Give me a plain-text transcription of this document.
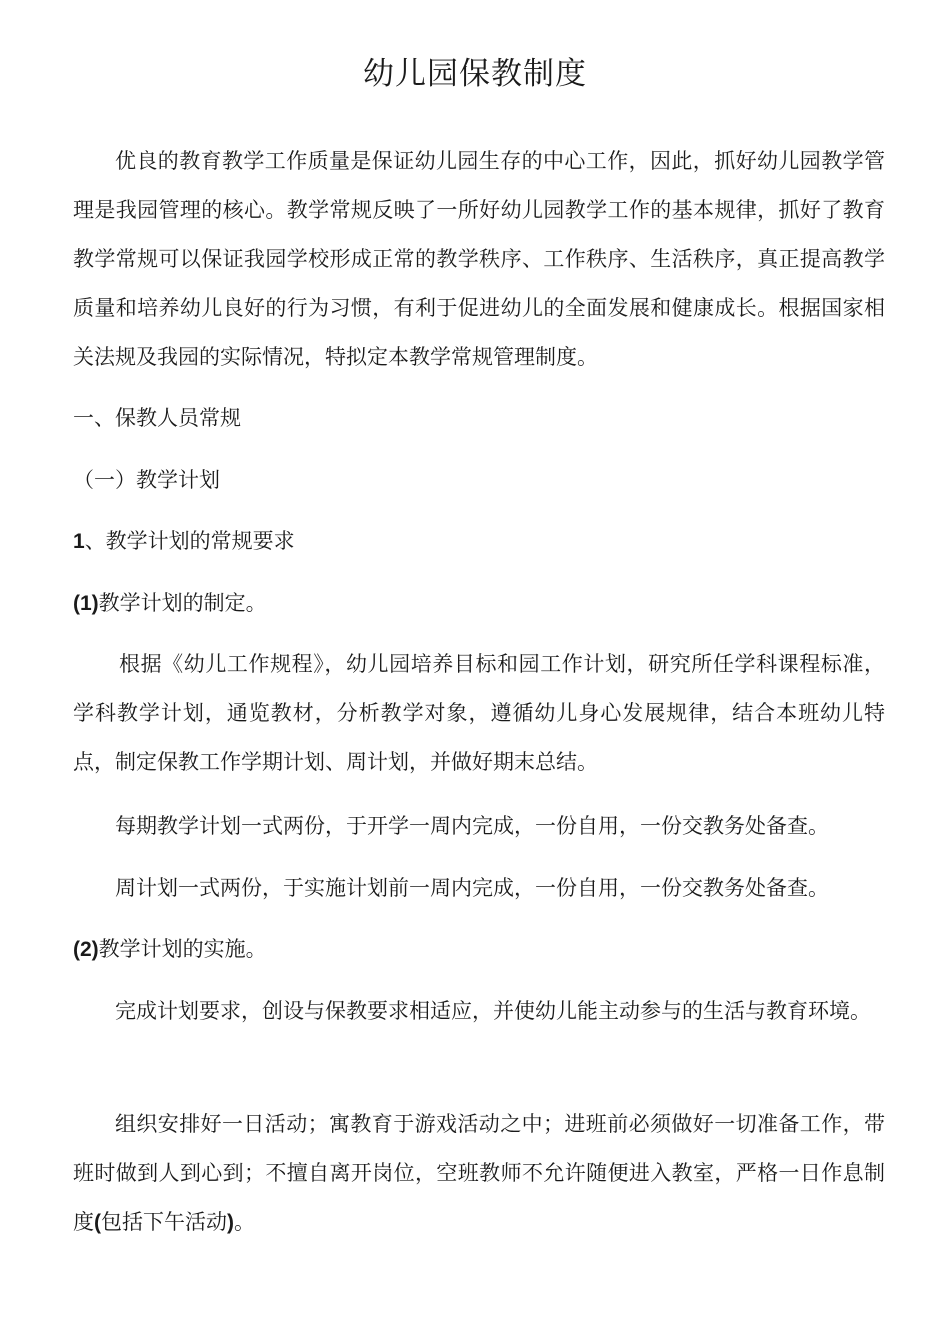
幼儿园保教制度

优良的教育教学工作质量是保证幼儿园生存的中心工作，因此，抓好幼儿园教学管理是我园管理的核心。教学常规反映了一所好幼儿园教学工作的基本规律，抓好了教育教学常规可以保证我园学校形成正常的教学秩序、工作秩序、生活秩序，真正提高教学质量和培养幼儿良好的行为习惯，有利于促进幼儿的全面发展和健康成长。根据国家相关法规及我园的实际情况，特拟定本教学常规管理制度。

一、保教人员常规
（一）教学计划
1、教学计划的常规要求
(1)教学计划的制定。

根据《幼儿工作规程》，幼儿园培养目标和园工作计划，研究所任学科课程标准，学科教学计划，通览教材，分析教学对象，遵循幼儿身心发展规律，结合本班幼儿特点，制定保教工作学期计划、周计划，并做好期末总结。

每期教学计划一式两份，于开学一周内完成，一份自用，一份交教务处备查。

周计划一式两份，于实施计划前一周内完成，一份自用，一份交教务处备查。

(2)教学计划的实施。

完成计划要求，创设与保教要求相适应，并使幼儿能主动参与的生活与教育环境。

组织安排好一日活动；寓教育于游戏活动之中；进班前必须做好一切准备工作，带班时做到人到心到；不擅自离开岗位，空班教师不允许随便进入教室，严格一日作息制度(包括下午活动)。
